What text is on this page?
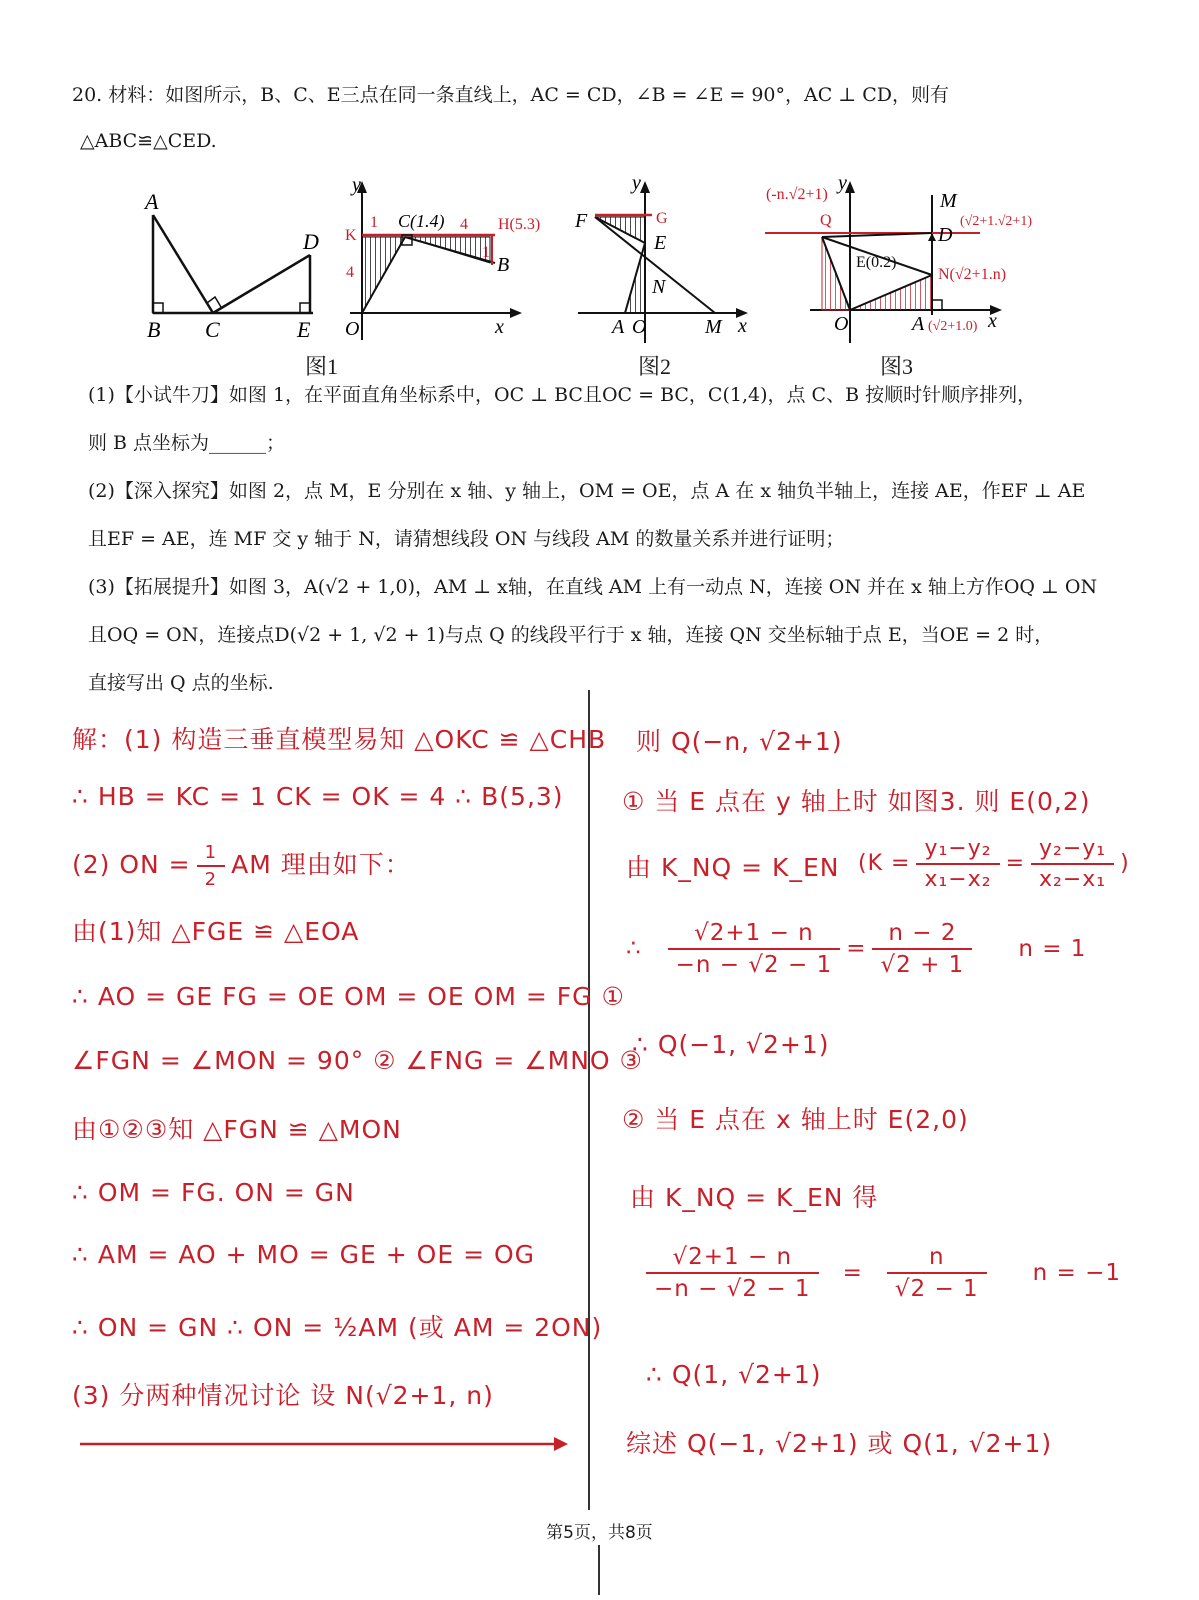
20. 材料：如图所示，B、C、E三点在同一条直线上，AC = CD，∠B = ∠E = 90°，AC ⊥ CD，则有
△ABC≌△CED.
A
B C
D
E
y
x
O
K
C(1.4) 4
4
1
1
H(5.3)
B
图1
y
x
F	G
E
N
A O	M
图2
y
x
(-n.√2+1)
Q
M
D
(√2+1.√2+1)
E(0.2)
N(√2+1.n)
O	A (√2+1.0)
图3
(1)【小试牛刀】如图 1，在平面直角坐标系中，OC ⊥ BC且OC = BC，C(1,4)，点 C、B 按顺时针顺序排列，
则 B 点坐标为______；
(2)【深入探究】如图 2，点 M，E 分别在 x 轴、y 轴上，OM = OE，点 A 在 x 轴负半轴上，连接 AE，作EF ⊥ AE
且EF = AE，连 MF 交 y 轴于 N，请猜想线段 ON 与线段 AM 的数量关系并进行证明；
(3)【拓展提升】如图 3，A(√2 + 1,0)，AM ⊥ x轴，在直线 AM 上有一动点 N，连接 ON 并在 x 轴上方作OQ ⊥ ON
且OQ = ON，连接点D(√2 + 1, √2 + 1)与点 Q 的线段平行于 x 轴，连接 QN 交坐标轴于点 E，当OE = 2 时，
直接写出 Q 点的坐标.
解：(1) 构造三垂直模型易知 △OKC ≌ △CHB
∴ HB = KC = 1 CK = OK = 4 ∴ B(5,3)
(2) ON = $\frac{1}{2}$ AM 理由如下：
由(1)知 △FGE ≌ △EOA
∴ AO = GE FG = OE OM = OE OM = FG ①
∠FGN = ∠MON = 90° ② ∠FNG = ∠MNO ③
由①②③知 △FGN ≌ △MON
∴ OM = FG. ON = GN
∴ AM = AO + MO = GE + OE = OG
∴ ON = GN ∴ ON = ½AM (或 AM = 2ON)
(3) 分两种情况讨论 设 N(√2+1, n)
则 Q(−n, √2+1)
① 当 E 点在 y 轴上时 如图3. 则 E(0,2)
由 K_NQ = K_EN ($K = \frac{\text{y₁−y₂}}{\text{x₁−x₂}} = \frac{\text{y₂−y₁}}{\text{x₂−x₁}}$ )
∴ $\frac{√2+1 - n}{-n - √2 - 1} = \frac{n - 2}{√2 + 1}$ n = 1
∴ Q(−1, √2+1)
② 当 E 点在 x 轴上时 E(2,0)
由 K_NQ = K_EN 得
$\frac{√2+1 - n}{-n - √2 - 1} = \frac{n}{√2 - 1}$ n = −1
∴ Q(1, √2+1)
综述 Q(−1, √2+1) 或 Q(1, √2+1)
第5页，共8页
